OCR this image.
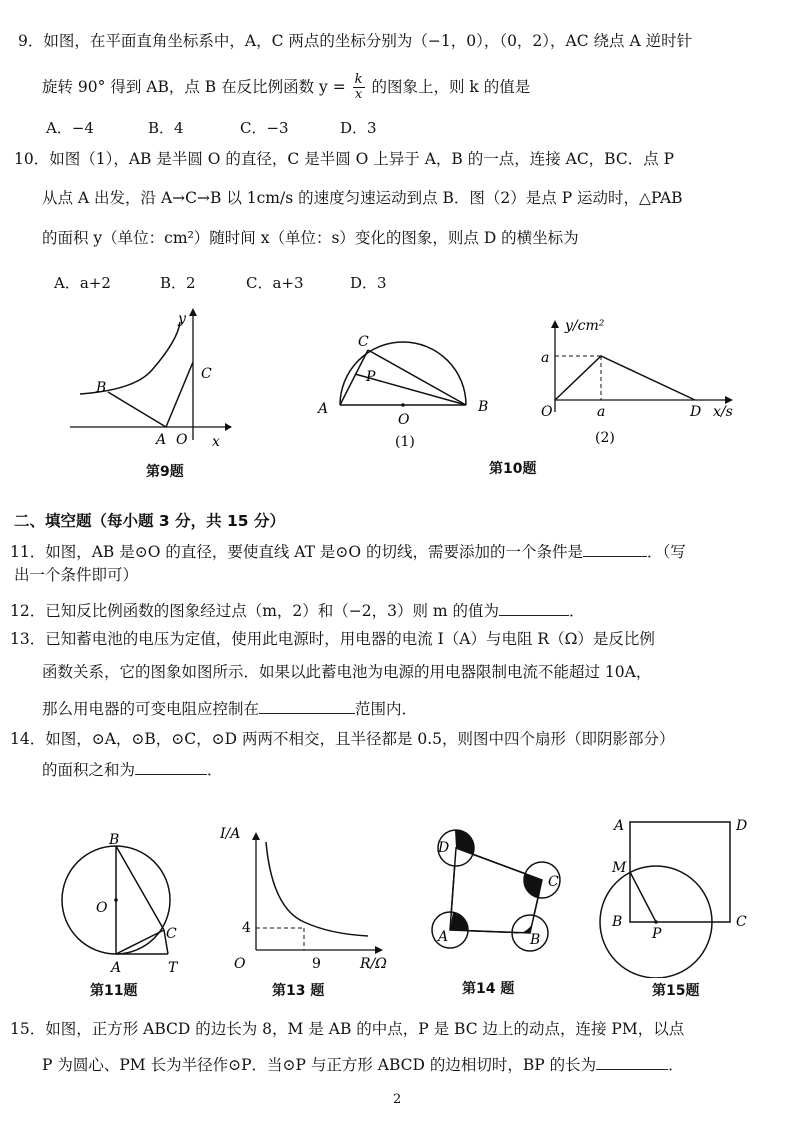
9．如图，在平面直角坐标系中，A，C 两点的坐标分别为（−1，0），（0，2），AC 绕点 A 逆时针
旋转 90° 得到 AB，点 B 在反比例函数 $y = \frac{k}{x}$ 的图象上，则 k 的值是
A．−4	B．4	C．−3	D．3
10．如图（1），AB 是半圆 O 的直径，C 是半圆 O 上异于 A，B 的一点，连接 AC，BC．点 P
从点 A 出发，沿 A→C→B 以 1cm/s 的速度匀速运动到点 B．图（2）是点 P 运动时，△PAB
的面积 y（单位：cm²）随时间 x（单位：s）变化的图象，则点 D 的横坐标为
A．a+2	B．2	C．a+3	D．3
B
C
A O
y
x
第9题
C
P
A
O
B
(1)
y/cm²
a
O	a	D x/s
(2)
第10题
二、填空题（每小题 3 分，共 15 分）
11．如图，AB 是⊙O 的直径，要使直线 AT 是⊙O 的切线，需要添加的一个条件是	．（写
出一个条件即可）
12．已知反比例函数的图象经过点（m，2）和（−2，3）则 m 的值为	．
13．已知蓄电池的电压为定值，使用此电源时，用电器的电流 I（A）与电阻 R（Ω）是反比例
函数关系，它的图象如图所示．如果以此蓄电池为电源的用电器限制电流不能超过 10A，
那么用电器的可变电阻应控制在	范围内．
14．如图，⊙A，⊙B，⊙C，⊙D 两两不相交，且半径都是 0.5，则图中四个扇形（即阴影部分）
的面积之和为	．
B
O
C
A	T
第11题
I/A
4
O	9	R/Ω
第13 题
D
C
B
A
第14 题
A	D
M
B
P
C
第15题
15．如图，正方形 ABCD 的边长为 8，M 是 AB 的中点，P 是 BC 边上的动点，连接 PM，以点
P 为圆心、PM 长为半径作⊙P．当⊙P 与正方形 ABCD 的边相切时，BP 的长为	．
2
